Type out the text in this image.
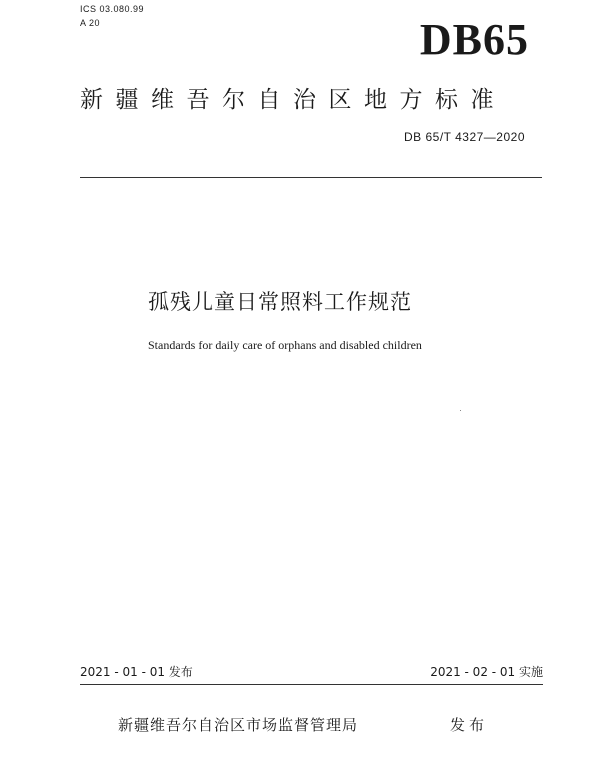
ICS 03.080.99
A 20	DB65
新疆维吾尔自治区地方标准
DB 65/T 4327—2020
孤残儿童日常照料工作规范
Standards for daily care of orphans and disabled children
2021 - 01 - 01 发布	2021 - 02 - 01 实施
新疆维吾尔自治区市场监督管理局	发布
